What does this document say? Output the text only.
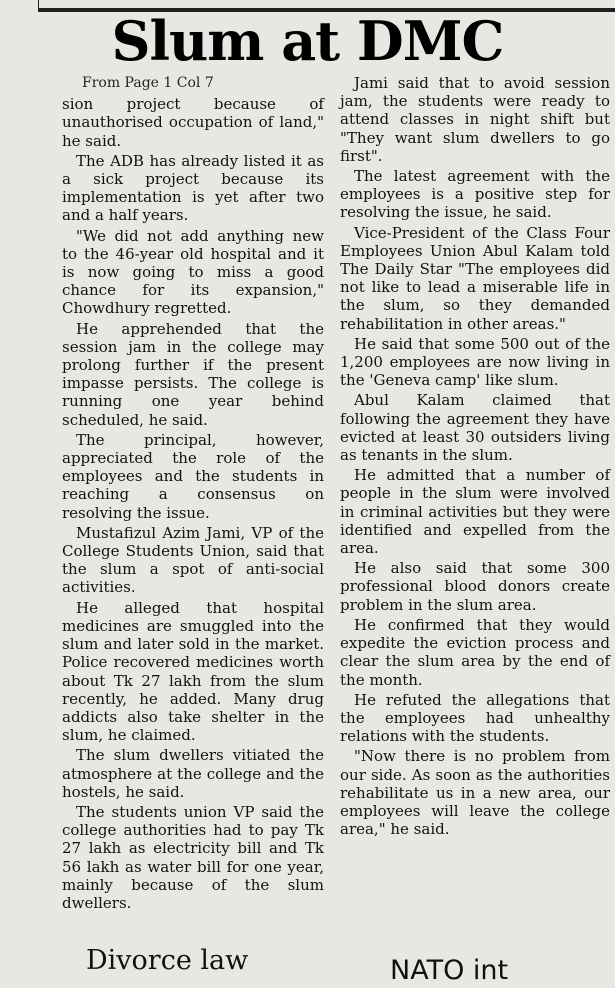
Slum at DMC
From Page 1 Col 7

sion project because of unauthorised occupation of land," he said.

The ADB has already listed it as a sick project because its implementation is yet after two and a half years.

"We did not add anything new to the 46-year old hospital and it is now going to miss a good chance for its expansion," Chowdhury regretted.

He apprehended that the session jam in the college may prolong further if the present impasse persists. The college is running one year behind scheduled, he said.

The principal, however, appreciated the role of the employees and the students in reaching a consensus on resolving the issue.

Mustafizul Azim Jami, VP of the College Students Union, said that the slum a spot of anti-social activities.

He alleged that hospital medicines are smuggled into the slum and later sold in the market. Police recovered medicines worth about Tk 27 lakh from the slum recently, he added. Many drug addicts also take shelter in the slum, he claimed.

The slum dwellers vitiated the atmosphere at the college and the hostels, he said.

The students union VP said the college authorities had to pay Tk 27 lakh as electricity bill and Tk 56 lakh as water bill for one year, mainly because of the slum dwellers.

Jami said that to avoid session jam, the students were ready to attend classes in night shift but "They want slum dwellers to go first".

The latest agreement with the employees is a positive step for resolving the issue, he said.

Vice-President of the Class Four Employees Union Abul Kalam told The Daily Star "The employees did not like to lead a miserable life in the slum, so they demanded rehabilitation in other areas."

He said that some 500 out of the 1,200 employees are now living in the 'Geneva camp' like slum.

Abul Kalam claimed that following the agreement they have evicted at least 30 outsiders living as tenants in the slum.

He admitted that a number of people in the slum were involved in criminal activities but they were identified and expelled from the area.

He also said that some 300 professional blood donors create problem in the slum area.

He confirmed that they would expedite the eviction process and clear the slum area by the end of the month.

He refuted the allegations that the employees had unhealthy relations with the students.

"Now there is no problem from our side. As soon as the authorities rehabilitate us in a new area, our employees will leave the college area," he said.

Divorce law	NATO int
